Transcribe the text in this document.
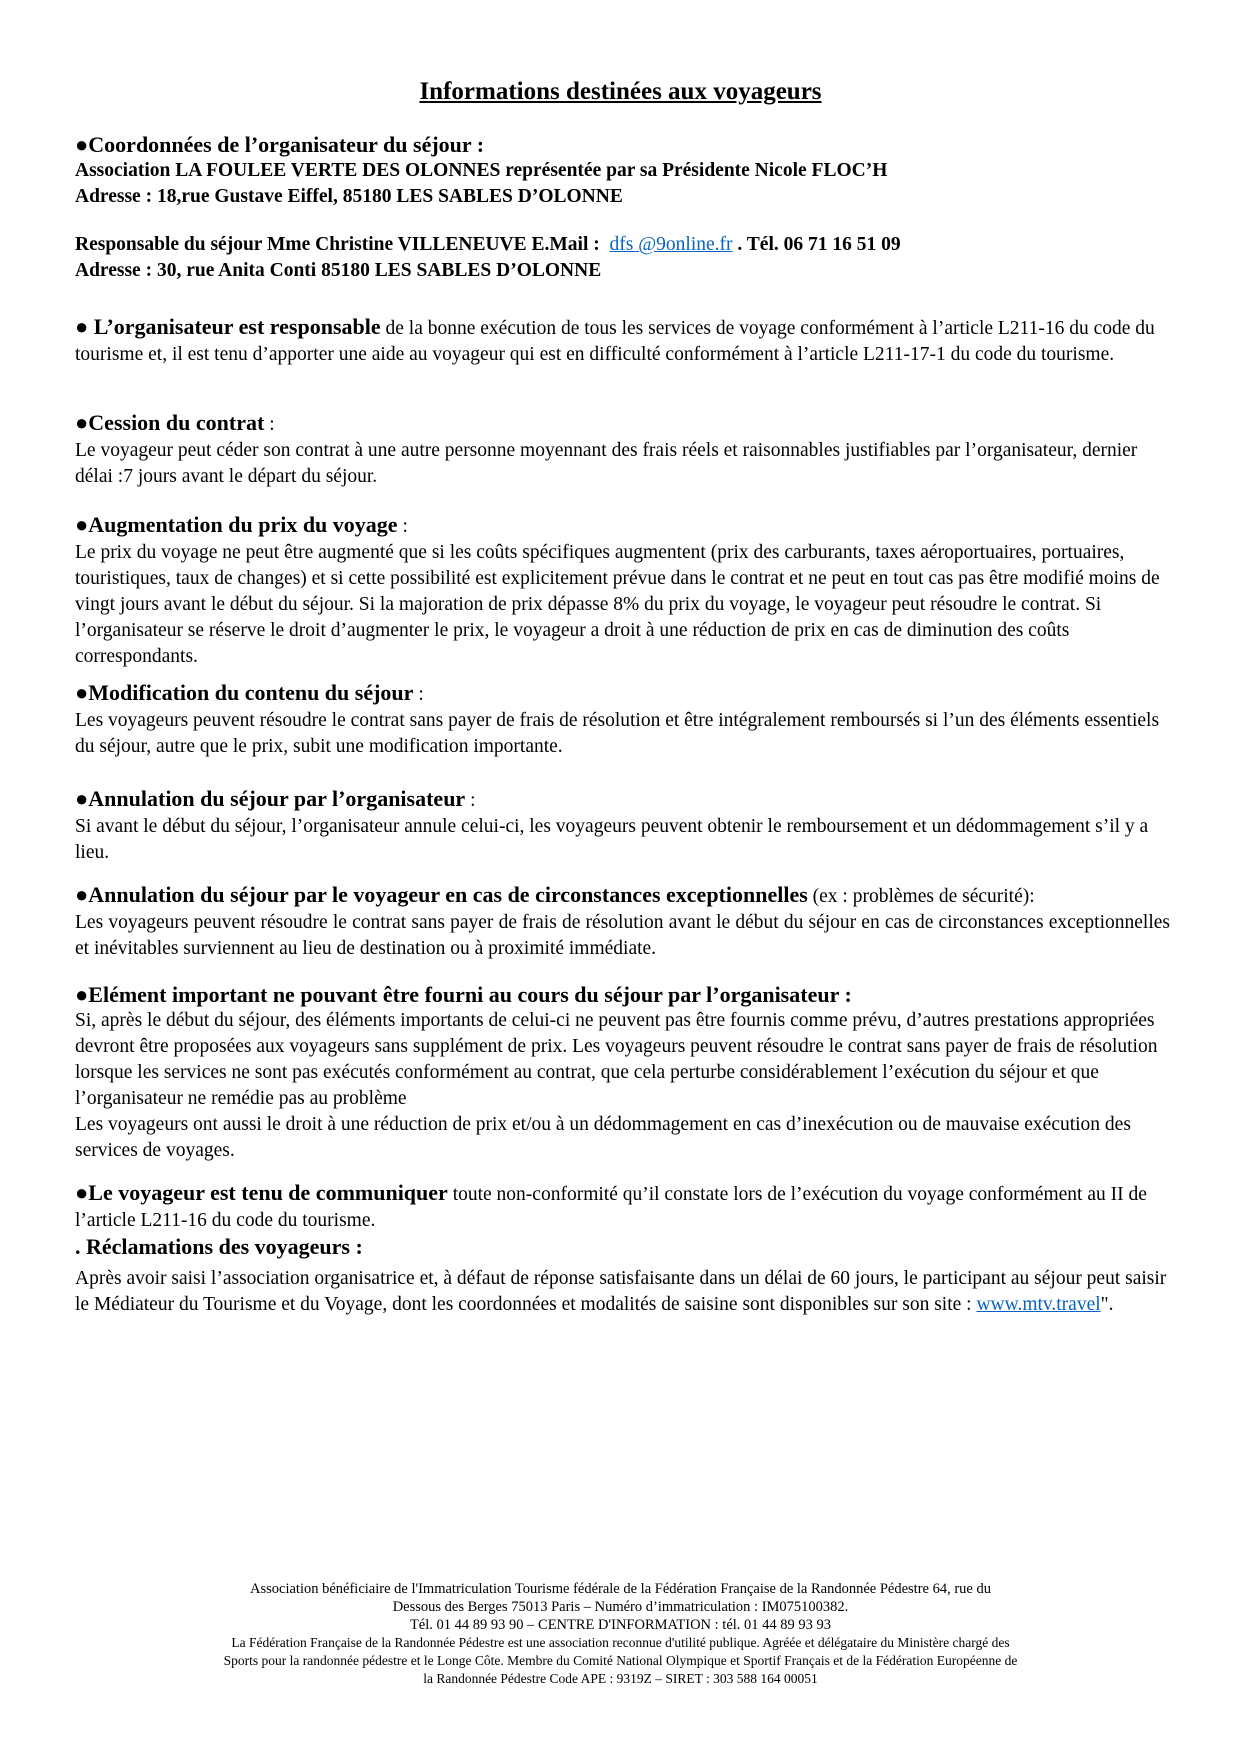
Informations destinées aux voyageurs

●Coordonnées de l’organisateur du séjour :

Association LA FOULEE VERTE DES OLONNES représentée par sa Présidente Nicole FLOC’H

Adresse : 18,rue Gustave Eiffel, 85180 LES SABLES D’OLONNE

Responsable du séjour Mme Christine VILLENEUVE E.Mail :  dfs @9online.fr . Tél. 06 71 16 51 09

Adresse : 30, rue Anita Conti 85180 LES SABLES D’OLONNE

● L’organisateur est responsable de la bonne exécution de tous les services de voyage conformément à l’article L211-16 du code du tourisme et, il est tenu d’apporter une aide au voyageur qui est en difficulté conformément à l’article L211-17-1 du code du tourisme.

●Cession du contrat :

Le voyageur peut céder son contrat à une autre personne moyennant des frais réels et raisonnables justifiables par l’organisateur, dernier délai :7 jours avant le départ du séjour.

●Augmentation du prix du voyage :

Le prix du voyage ne peut être augmenté que si les coûts spécifiques augmentent (prix des carburants, taxes aéroportuaires, portuaires, touristiques, taux de changes) et si cette possibilité est explicitement prévue dans le contrat et ne peut en tout cas pas être modifié moins de vingt jours avant le début du séjour. Si la majoration de prix dépasse 8% du prix du voyage, le voyageur peut résoudre le contrat. Si l’organisateur se réserve le droit d’augmenter le prix, le voyageur a droit à une réduction de prix en cas de diminution des coûts correspondants.

●Modification du contenu du séjour :

Les voyageurs peuvent résoudre le contrat sans payer de frais de résolution et être intégralement remboursés si l’un des éléments essentiels du séjour, autre que le prix, subit une modification importante.

●Annulation du séjour par l’organisateur :

Si avant le début du séjour, l’organisateur annule celui-ci, les voyageurs peuvent obtenir le remboursement et un dédommagement s’il y a lieu.

●Annulation du séjour par le voyageur en cas de circonstances exceptionnelles (ex : problèmes de sécurité):

Les voyageurs peuvent résoudre le contrat sans payer de frais de résolution avant le début du séjour en cas de circonstances exceptionnelles et inévitables surviennent au lieu de destination ou à proximité immédiate.

●Elément important ne pouvant être fourni au cours du séjour par l’organisateur :

Si, après le début du séjour, des éléments importants de celui-ci ne peuvent pas être fournis comme prévu, d’autres prestations appropriées devront être proposées aux voyageurs sans supplément de prix. Les voyageurs peuvent résoudre le contrat sans payer de frais de résolution lorsque les services ne sont pas exécutés conformément au contrat, que cela perturbe considérablement l’exécution du séjour et que l’organisateur ne remédie pas au problème

Les voyageurs ont aussi le droit à une réduction de prix et/ou à un dédommagement en cas d’inexécution ou de mauvaise exécution des services de voyages.

●Le voyageur est tenu de communiquer toute non-conformité qu’il constate lors de l’exécution du voyage conformément au II de l’article L211-16 du code du tourisme.

. Réclamations des voyageurs :

Après avoir saisi l’association organisatrice et, à défaut de réponse satisfaisante dans un délai de 60 jours, le participant au séjour peut saisir le Médiateur du Tourisme et du Voyage, dont les coordonnées et modalités de saisine sont disponibles sur son site : www.mtv.travel".

Association bénéficiaire de l'Immatriculation Tourisme fédérale de la Fédération Française de la Randonnée Pédestre 64, rue du

Dessous des Berges 75013 Paris – Numéro d’immatriculation : IM075100382.

Tél. 01 44 89 93 90 – CENTRE D'INFORMATION : tél. 01 44 89 93 93

La Fédération Française de la Randonnée Pédestre est une association reconnue d'utilité publique. Agréée et délégataire du Ministère chargé des

Sports pour la randonnée pédestre et le Longe Côte. Membre du Comité National Olympique et Sportif Français et de la Fédération Européenne de

la Randonnée Pédestre Code APE : 9319Z – SIRET : 303 588 164 00051
